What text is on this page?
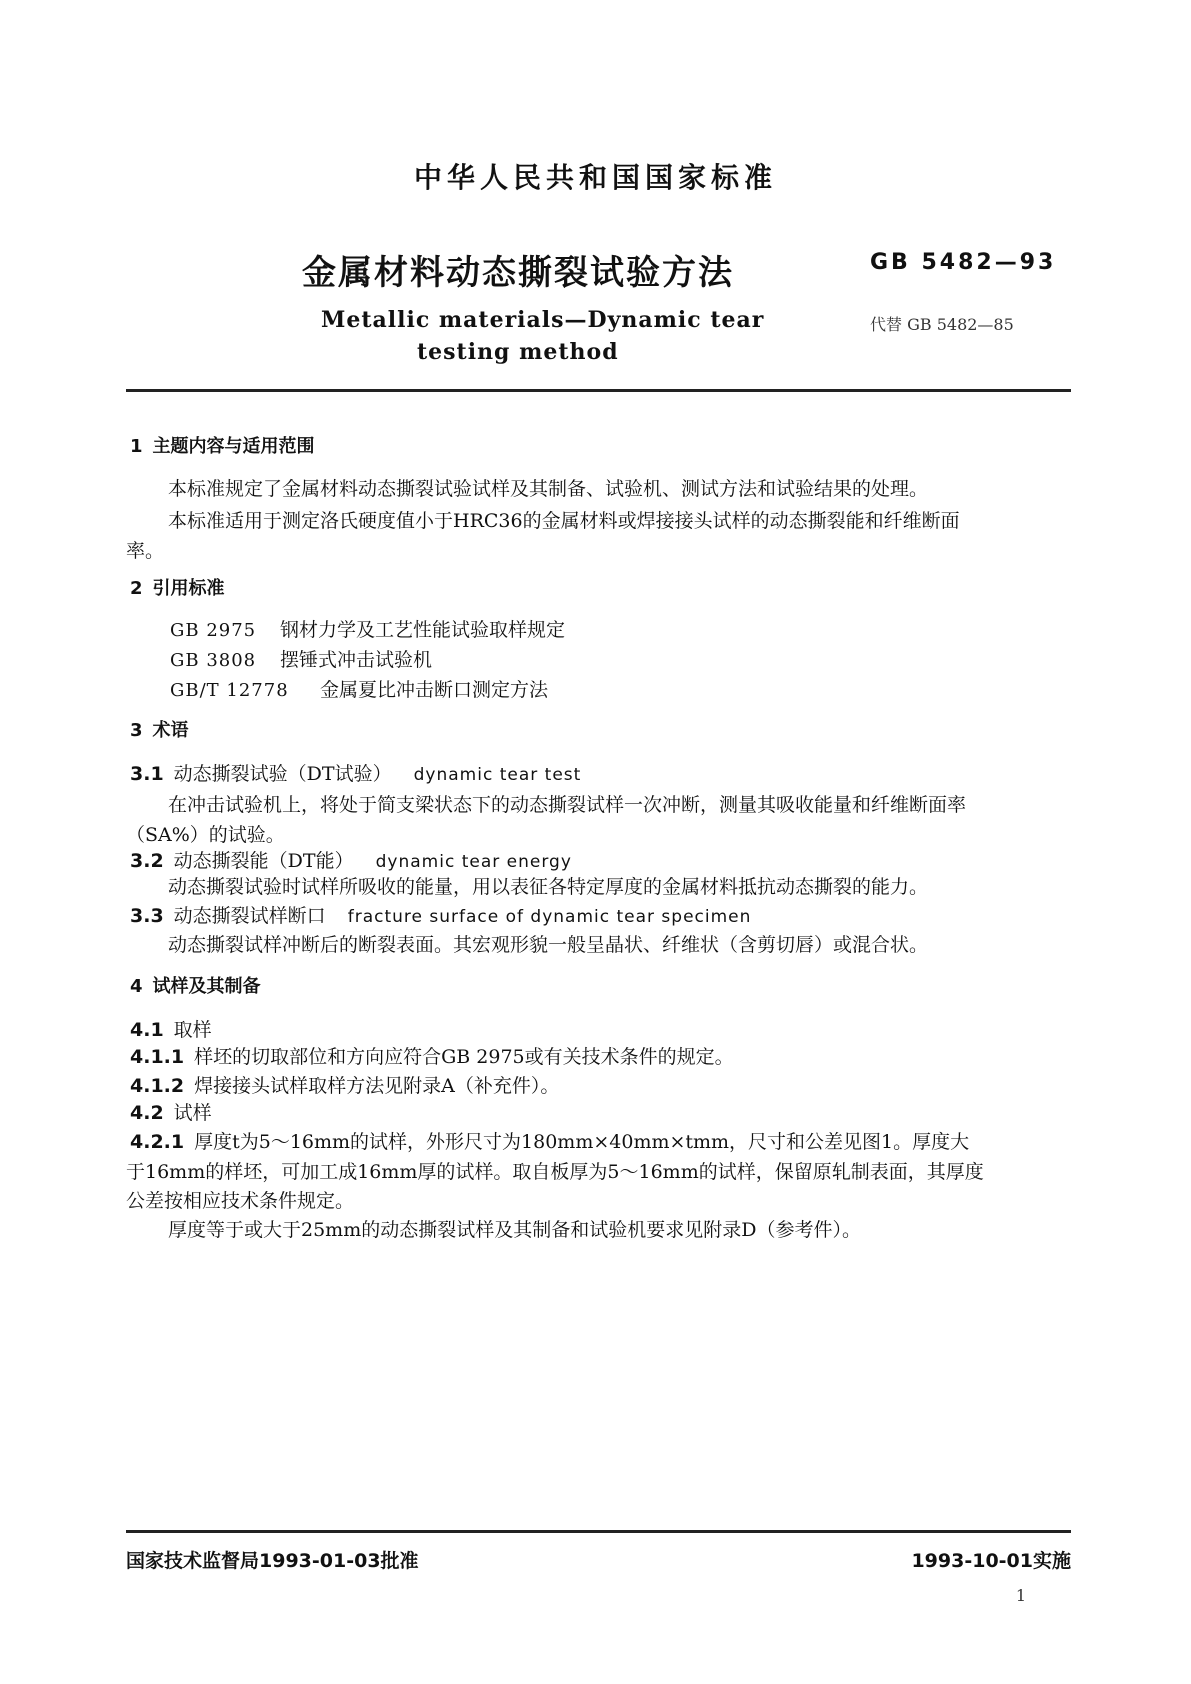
中华人民共和国国家标准
金属材料动态撕裂试验方法	GB 5482—93
Metallic materials—Dynamic tear
testing method
代替 GB 5482—85
1 主题内容与适用范围
本标准规定了金属材料动态撕裂试验试样及其制备、试验机、测试方法和试验结果的处理。
本标准适用于测定洛氏硬度值小于HRC36的金属材料或焊接接头试样的动态撕裂能和纤维断面
率。
2 引用标准
GB 2975 钢材力学及工艺性能试验取样规定
GB 3808 摆锤式冲击试验机
GB/T 12778 金属夏比冲击断口测定方法
3 术语
3.1 动态撕裂试验（DT试验） dynamic tear test
在冲击试验机上，将处于简支梁状态下的动态撕裂试样一次冲断，测量其吸收能量和纤维断面率
（SA%）的试验。
3.2 动态撕裂能（DT能） dynamic tear energy
动态撕裂试验时试样所吸收的能量，用以表征各特定厚度的金属材料抵抗动态撕裂的能力。
3.3 动态撕裂试样断口 fracture surface of dynamic tear specimen
动态撕裂试样冲断后的断裂表面。其宏观形貌一般呈晶状、纤维状（含剪切唇）或混合状。
4 试样及其制备
4.1 取样
4.1.1 样坯的切取部位和方向应符合GB 2975或有关技术条件的规定。
4.1.2 焊接接头试样取样方法见附录A（补充件）。
4.2 试样
4.2.1 厚度t为5～16mm的试样，外形尺寸为180mm×40mm×tmm，尺寸和公差见图1。厚度大
于16mm的样坯，可加工成16mm厚的试样。取自板厚为5～16mm的试样，保留原轧制表面，其厚度
公差按相应技术条件规定。
厚度等于或大于25mm的动态撕裂试样及其制备和试验机要求见附录D（参考件）。
国家技术监督局1993-01-03批准	1993-10-01实施
1
